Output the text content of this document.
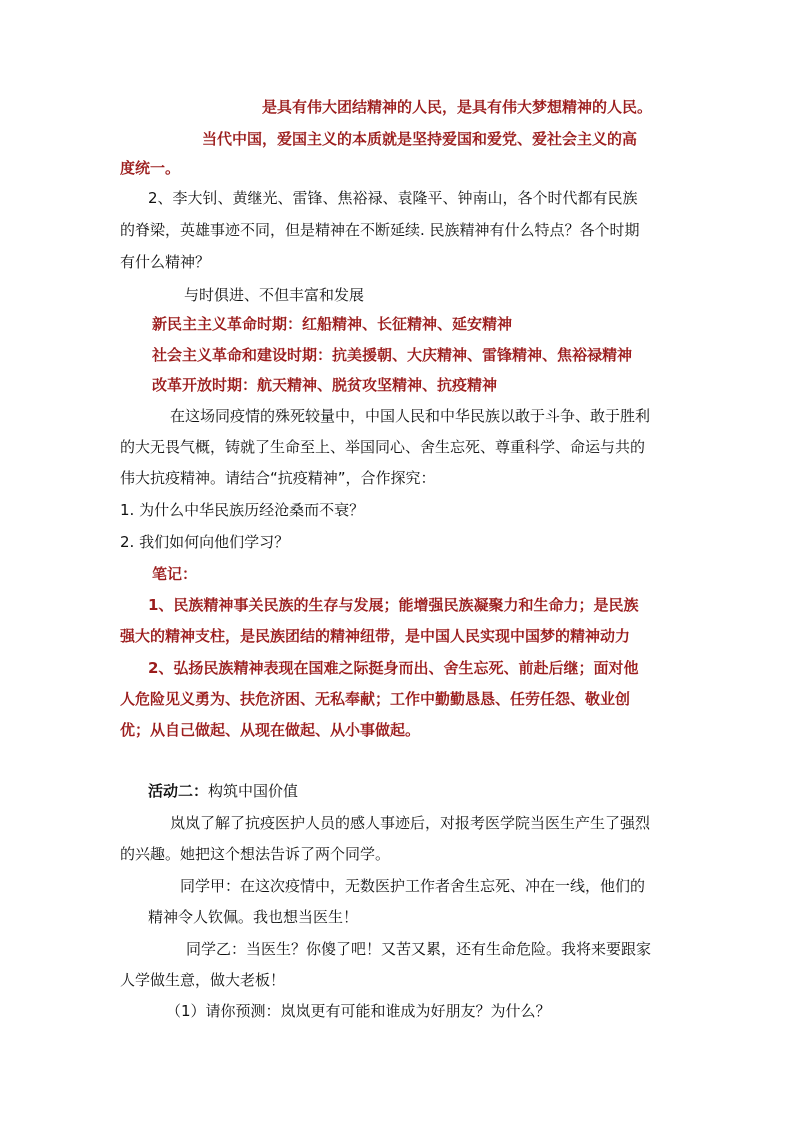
是具有伟大团结精神的人民，是具有伟大梦想精神的人民。
当代中国，爱国主义的本质就是坚持爱国和爱党、爱社会主义的高
度统一。
2、李大钊、黄继光、雷锋、焦裕禄、袁隆平、钟南山，各个时代都有民族
的脊梁，英雄事迹不同，但是精神在不断延续. 民族精神有什么特点？各个时期
有什么精神？
与时俱进、不但丰富和发展
新民主主义革命时期：红船精神、长征精神、延安精神
社会主义革命和建设时期：抗美援朝、大庆精神、雷锋精神、焦裕禄精神
改革开放时期：航天精神、脱贫攻坚精神、抗疫精神
在这场同疫情的殊死较量中，中国人民和中华民族以敢于斗争、敢于胜利
的大无畏气概，铸就了生命至上、举国同心、舍生忘死、尊重科学、命运与共的
伟大抗疫精神。请结合“抗疫精神”，合作探究：
1. 为什么中华民族历经沧桑而不衰？
2. 我们如何向他们学习？
笔记：
1、民族精神事关民族的生存与发展；能增强民族凝聚力和生命力；是民族
强大的精神支柱，是民族团结的精神纽带，是中国人民实现中国梦的精神动力
2、弘扬民族精神表现在国难之际挺身而出、舍生忘死、前赴后继；面对他
人危险见义勇为、扶危济困、无私奉献；工作中勤勤恳恳、任劳任怨、敬业创
优；从自己做起、从现在做起、从小事做起。
活动二：构筑中国价值
岚岚了解了抗疫医护人员的感人事迹后，对报考医学院当医生产生了强烈
的兴趣。她把这个想法告诉了两个同学。
同学甲：在这次疫情中，无数医护工作者舍生忘死、冲在一线，他们的
精神令人钦佩。我也想当医生！
同学乙：当医生？你傻了吧！又苦又累，还有生命危险。我将来要跟家
人学做生意，做大老板！
（1）请你预测：岚岚更有可能和谁成为好朋友？为什么？
